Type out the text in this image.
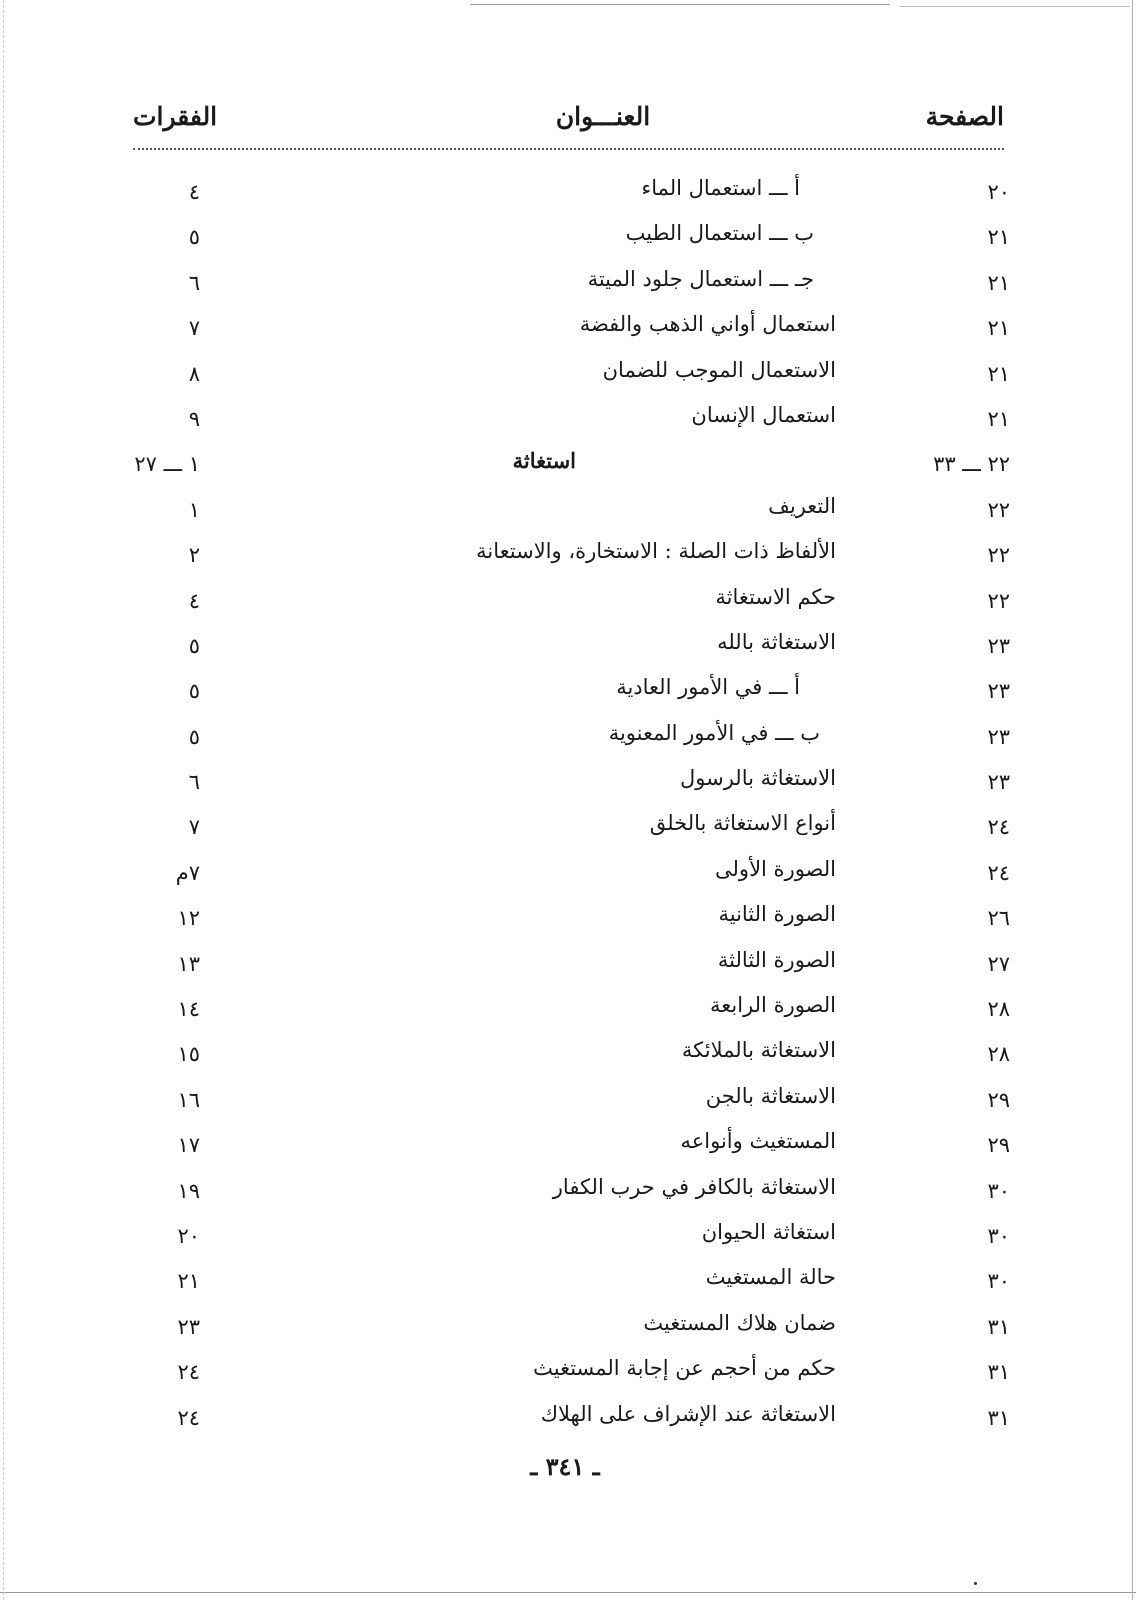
الصفحة
العنـــوان
الفقرات
٢٠
أ ـــ استعمال الماء
٤
٢١
ب ـــ استعمال الطيب
٥
٢١
جـ ـــ استعمال جلود الميتة
٦
٢١
استعمال أواني الذهب والفضة
٧
٢١
الاستعمال الموجب للضمان
٨
٢١
استعمال الإنسان
٩
٢٢ ـــ ٣٣
استغاثة
١ ـــ ٢٧
٢٢
التعريف
١
٢٢
الألفاظ ذات الصلة : الاستخارة، والاستعانة
٢
٢٢
حكم الاستغاثة
٤
٢٣
الاستغاثة بالله
٥
٢٣
أ ـــ في الأمور العادية
٥
٢٣
ب ـــ في الأمور المعنوية
٥
٢٣
الاستغاثة بالرسول
٦
٢٤
أنواع الاستغاثة بالخلق
٧
٢٤
الصورة الأولى
٧م
٢٦
الصورة الثانية
١٢
٢٧
الصورة الثالثة
١٣
٢٨
الصورة الرابعة
١٤
٢٨
الاستغاثة بالملائكة
١٥
٢٩
الاستغاثة بالجن
١٦
٢٩
المستغيث وأنواعه
١٧
٣٠
الاستغاثة بالكافر في حرب الكفار
١٩
٣٠
استغاثة الحيوان
٢٠
٣٠
حالة المستغيث
٢١
٣١
ضمان هلاك المستغيث
٢٣
٣١
حكم من أحجم عن إجابة المستغيث
٢٤
٣١
الاستغاثة عند الإشراف على الهلاك
٢٤
ـ ٣٤١ ـ
